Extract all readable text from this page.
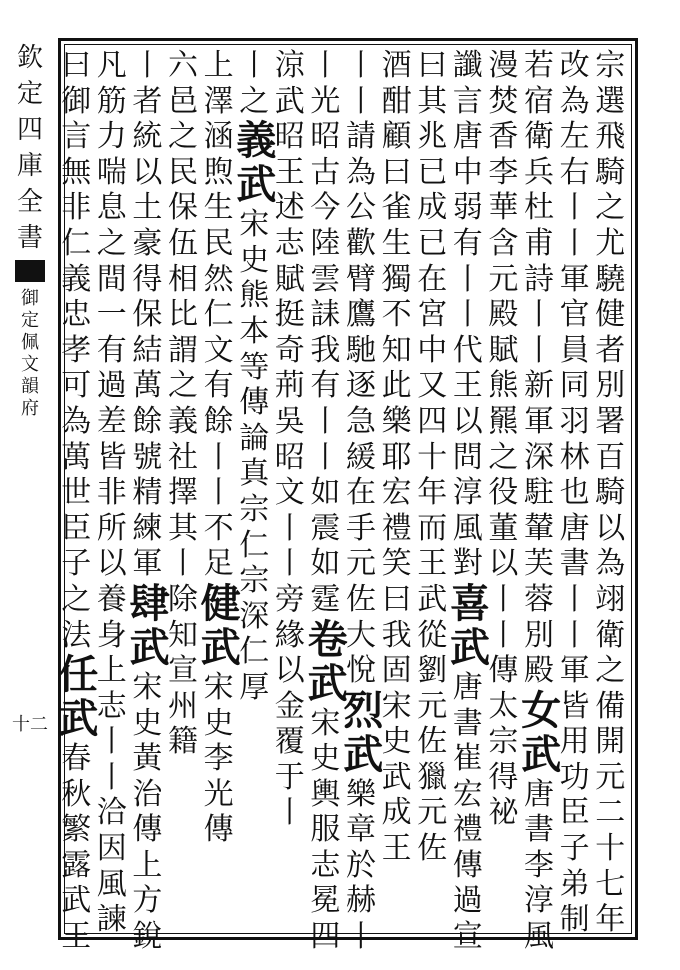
欽
定
四
庫
全
書
御
定
佩
文
韻
府
十二
宗
選
飛
騎
之
尤
驍
健
者
別
署
百
騎
以
為
翊
衛
之
備
開
元
二
十
七
年
改
為
左
右
丨
丨
軍
官
員
同
羽
林
也
唐
書
丨
丨
軍
皆
用
功
臣
子
弟
制
若
宿
衛
兵
杜
甫
詩
丨
丨
新
軍
深
駐
輦
芙
蓉
別
殿
女
武
唐
書
李
淳
風
漫
焚
香
李
華
含
元
殿
賦
熊
羆
之
役
董
以
丨
丨
傳
太
宗
得
祕
讖
言
唐
中
弱
有
丨
丨
代
王
以
問
淳
風
對
喜
武
唐
書
崔
宏
禮
傳
過
宣
曰
其
兆
已
成
已
在
宮
中
又
四
十
年
而
王
武
從
劉
元
佐
獵
元
佐
酒
酣
顧
曰
雀
生
獨
不
知
此
樂
耶
宏
禮
笑
曰
我
固
宋
史
武
成
王
丨
丨
請
為
公
歡
臂
鷹
馳
逐
急
緩
在
手
元
佐
大
悅
烈
武
樂
章
於
赫
丨
丨
光
昭
古
今
陸
雲
誄
我
有
丨
丨
如
震
如
霆
卷
武
宋
史
輿
服
志
冕
四
涼
武
昭
王
述
志
賦
挺
奇
荊
吳
昭
文
丨
丨
旁
緣
以
金
覆
于
丨
丨
之
義
武
宋
史
熊
本
等
傳
論
真
宗
仁
宗
深
仁
厚
上
澤
涵
煦
生
民
然
仁
文
有
餘
丨
丨
不
足
健
武
宋
史
李
光
傳
六
邑
之
民
保
伍
相
比
謂
之
義
社
擇
其
丨
除
知
宣
州
籍
丨
者
統
以
土
豪
得
保
結
萬
餘
號
精
練
軍
肆
武
宋
史
黃
治
傳
上
方
銳
凡
筋
力
喘
息
之
間
一
有
過
差
皆
非
所
以
養
身
上
志
丨
丨
洽
因
風
諫
曰
御
言
無
非
仁
義
忠
孝
可
為
萬
世
臣
子
之
法
任
武
春
秋
繁
露
武
王
